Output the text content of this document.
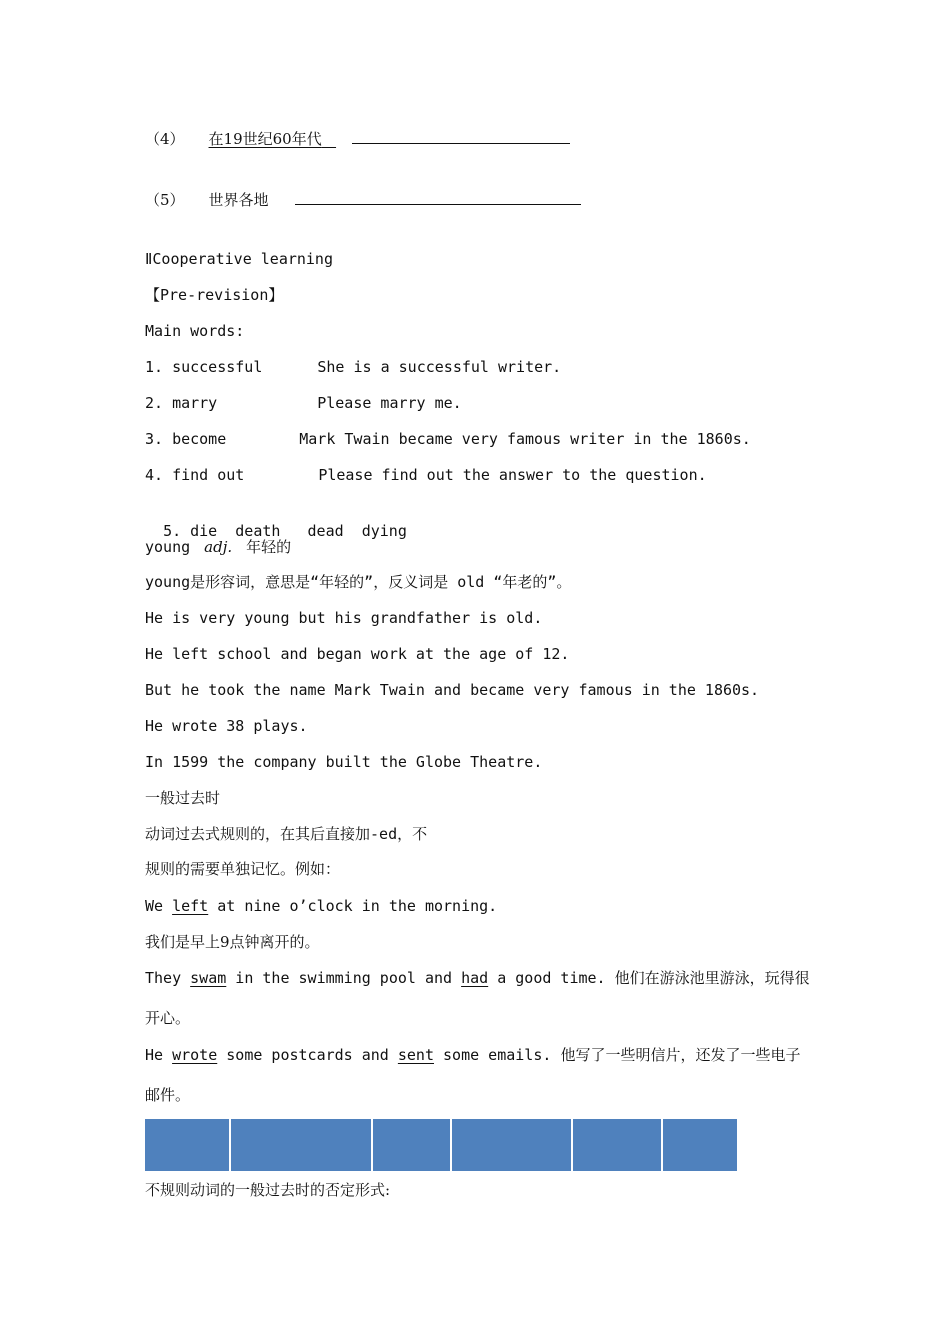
（4） 在19世纪60年代
（5） 世界各地
ⅡCooperative learning
【Pre-revision】
Main words:
1. successful	She is a successful writer.
2. marry	Please marry me.
3. become	Mark Twain became very famous writer in the 1860s.
4. find out	Please find out the answer to the question.

5. die  death   dead  dying

young adj. 年轻的
young是形容词，意思是“年轻的”，反义词是 old “年老的”。
He is very young but his grandfather is old.
He left school and began work at the age of 12.
But he took the name Mark Twain and became very famous in the 1860s.
He wrote 38 plays.
In 1599 the company built the Globe Theatre.
一般过去时
动词过去式规则的，在其后直接加-ed，不
规则的需要单独记忆。例如：
We left at nine o’clock in the morning.
我们是早上9点钟离开的。
They swam in the swimming pool and had a good time. 他们在游泳池里游泳，玩得很
开心。
He wrote some postcards and sent some emails. 他写了一些明信片，还发了一些电子
邮件。

不规则动词的一般过去时的否定形式:
